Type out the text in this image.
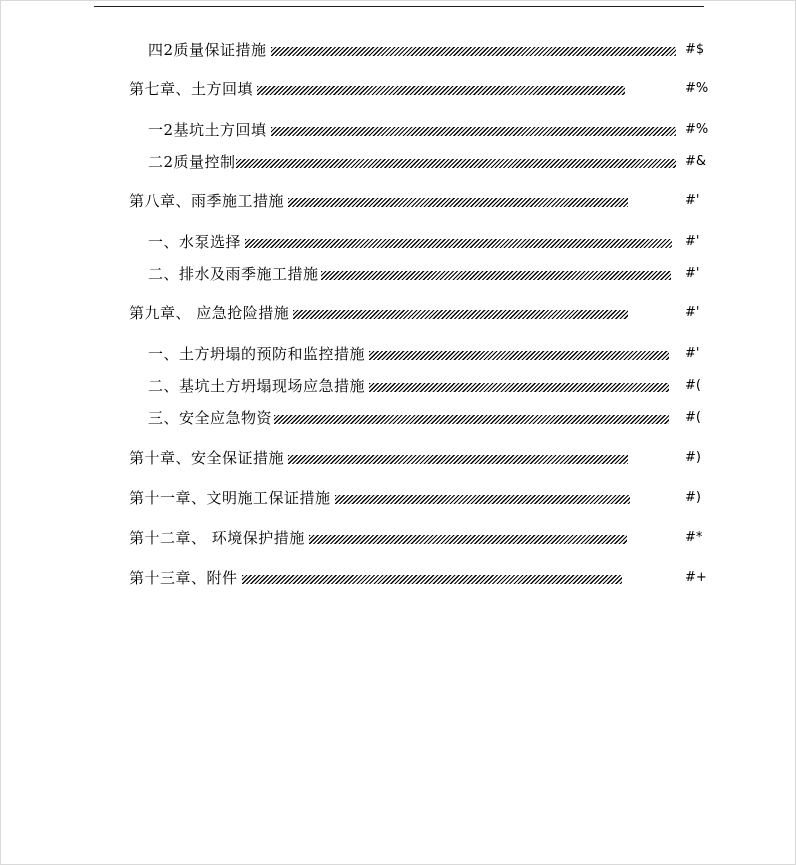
四2质量保证措施	#$
第七章、土方回填	#%
一2基坑土方回填	#%
二2质量控制	#&
第八章、雨季施工措施	#'
一、水泵选择	#'
二、排水及雨季施工措施	#'
第九章、 应急抢险措施	#'
一、土方坍塌的预防和监控措施	#'
二、基坑土方坍塌现场应急措施	#(
三、安全应急物资	#(
第十章、安全保证措施	#)
第十一章、文明施工保证措施	#)
第十二章、 环境保护措施	#*
第十三章、附件	#+
